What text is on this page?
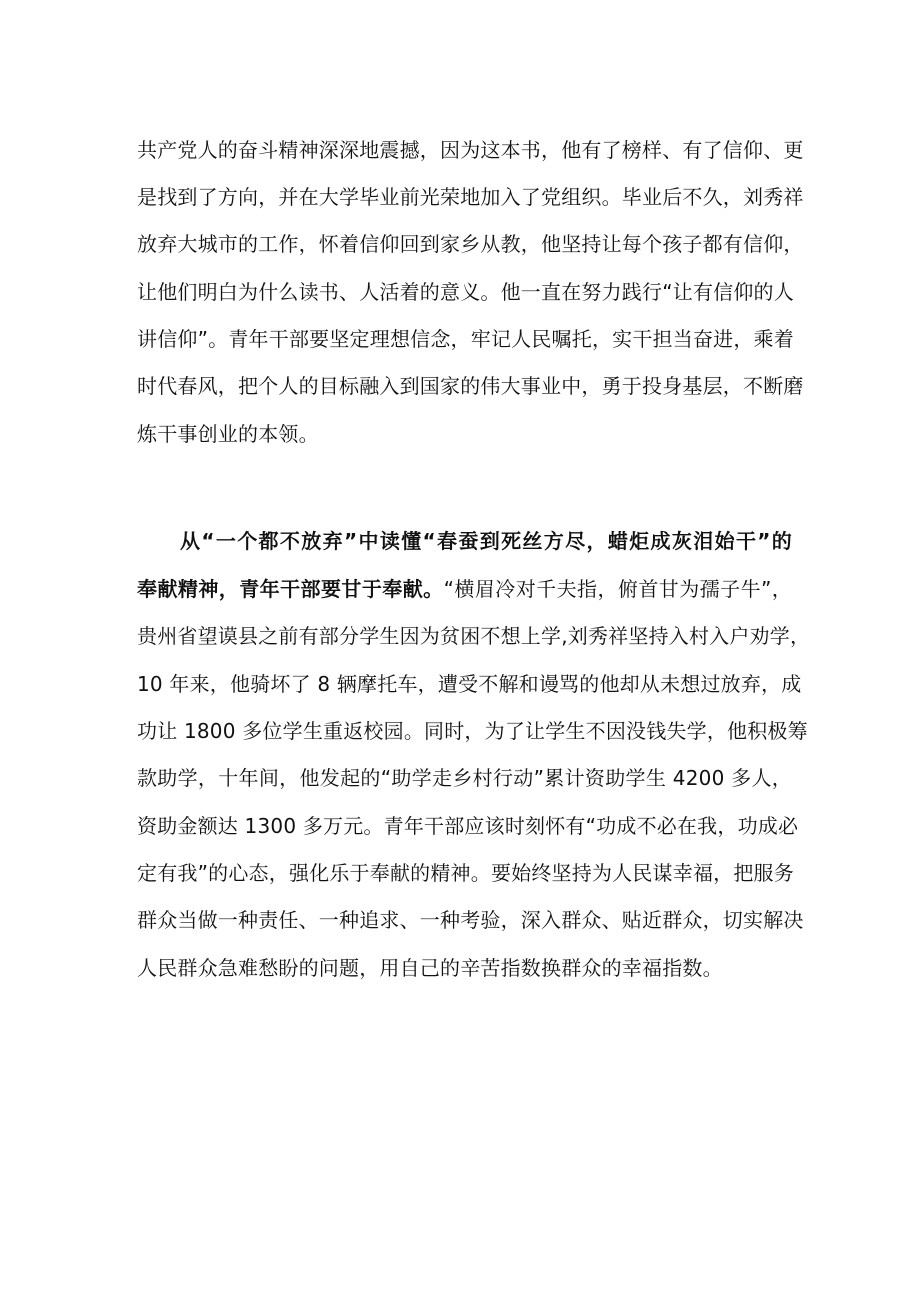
共产党人的奋斗精神深深地震撼，因为这本书，他有了榜样、有了信仰、更
是找到了方向，并在大学毕业前光荣地加入了党组织。毕业后不久，刘秀祥
放弃大城市的工作，怀着信仰回到家乡从教，他坚持让每个孩子都有信仰，
让他们明白为什么读书、人活着的意义。他一直在努力践行“让有信仰的人
讲信仰”。青年干部要坚定理想信念，牢记人民嘱托，实干担当奋进，乘着
时代春风，把个人的目标融入到国家的伟大事业中，勇于投身基层，不断磨
炼干事创业的本领。
从“一个都不放弃”中读懂“春蚕到死丝方尽，蜡炬成灰泪始干”的
奉献精神，青年干部要甘于奉献。“横眉冷对千夫指，俯首甘为孺子牛”，
贵州省望谟县之前有部分学生因为贫困不想上学,刘秀祥坚持入村入户劝学，
10 年来，他骑坏了 8 辆摩托车，遭受不解和谩骂的他却从未想过放弃，成
功让 1800 多位学生重返校园。同时，为了让学生不因没钱失学，他积极筹
款助学，十年间，他发起的“助学走乡村行动”累计资助学生 4200 多人，
资助金额达 1300 多万元。青年干部应该时刻怀有“功成不必在我，功成必
定有我”的心态，强化乐于奉献的精神。要始终坚持为人民谋幸福，把服务
群众当做一种责任、一种追求、一种考验，深入群众、贴近群众，切实解决
人民群众急难愁盼的问题，用自己的辛苦指数换群众的幸福指数。
